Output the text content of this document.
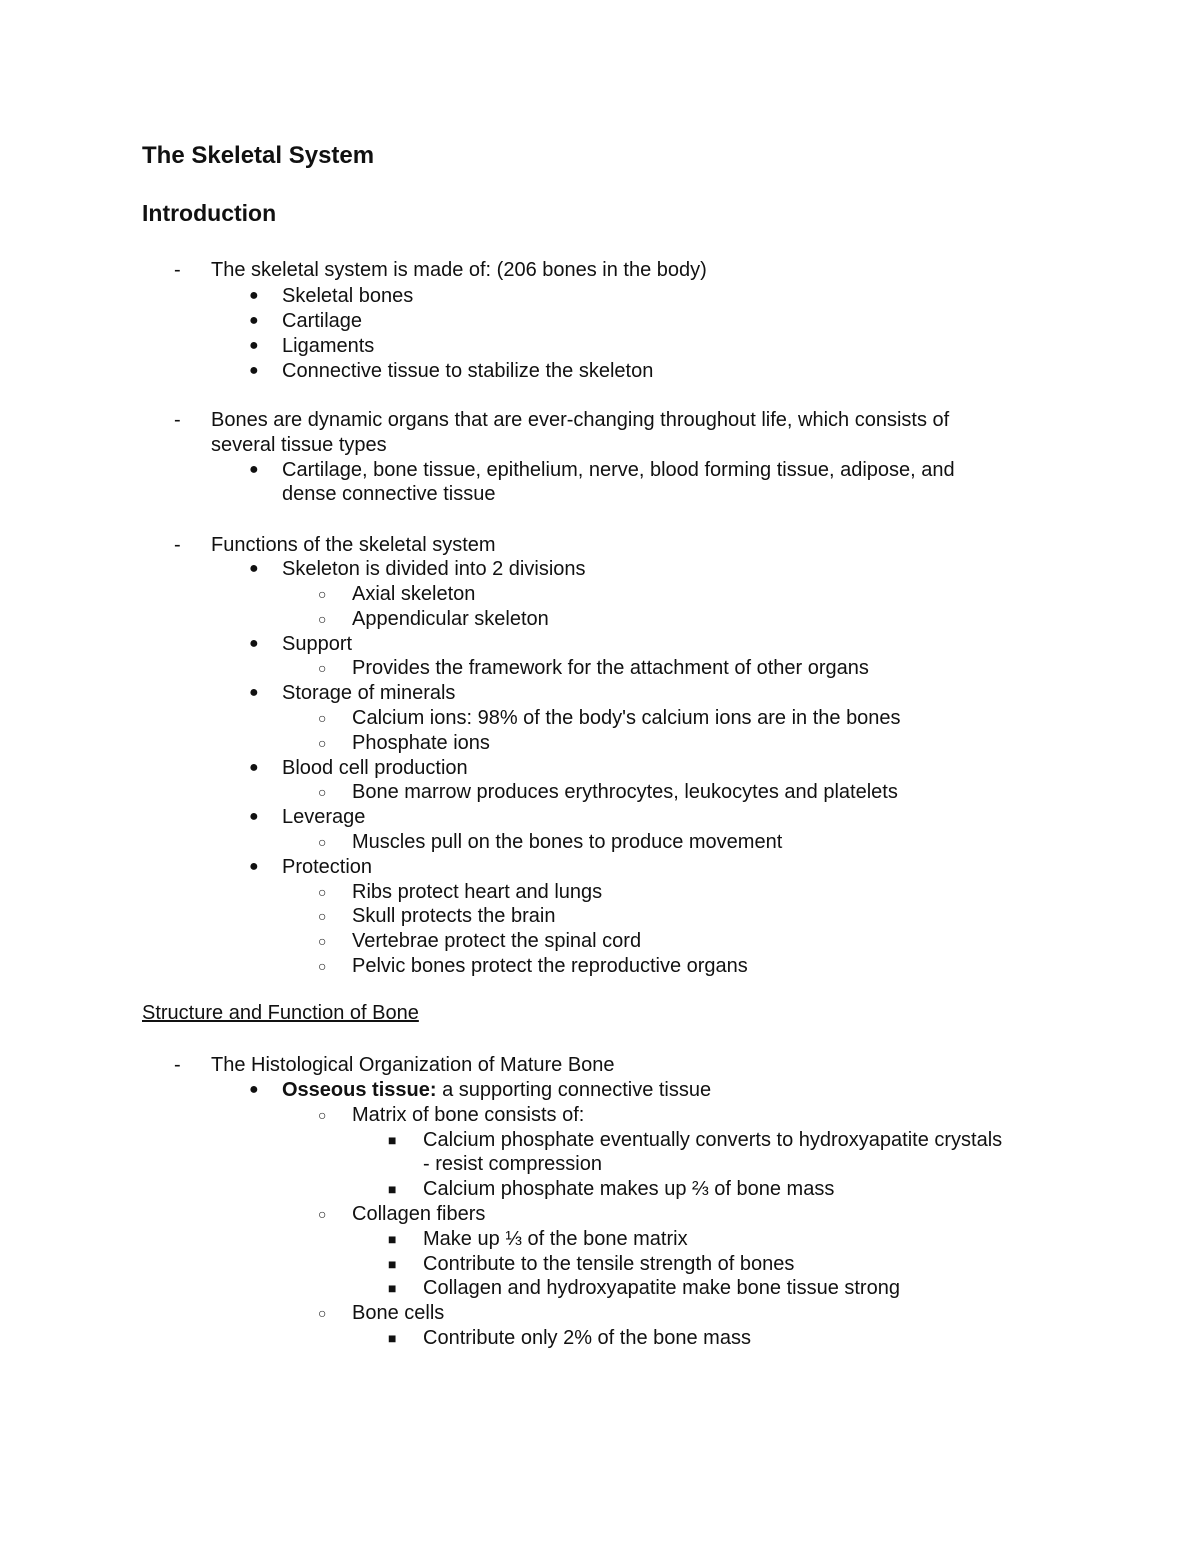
The Skeletal System
Introduction
- The skeletal system is made of: (206 bones in the body)
● Skeletal bones
● Cartilage
● Ligaments
● Connective tissue to stabilize the skeleton
- Bones are dynamic organs that are ever-changing throughout life, which consists of
several tissue types
● Cartilage, bone tissue, epithelium, nerve, blood forming tissue, adipose, and
dense connective tissue
- Functions of the skeletal system
● Skeleton is divided into 2 divisions
○ Axial skeleton
○ Appendicular skeleton
● Support
○ Provides the framework for the attachment of other organs
● Storage of minerals
○ Calcium ions: 98% of the body's calcium ions are in the bones
○ Phosphate ions
● Blood cell production
○ Bone marrow produces erythrocytes, leukocytes and platelets
● Leverage
○ Muscles pull on the bones to produce movement
● Protection
○ Ribs protect heart and lungs
○ Skull protects the brain
○ Vertebrae protect the spinal cord
○ Pelvic bones protect the reproductive organs
Structure and Function of Bone
- The Histological Organization of Mature Bone
● Osseous tissue: a supporting connective tissue
○ Matrix of bone consists of:
■ Calcium phosphate eventually converts to hydroxyapatite crystals
- resist compression
■ Calcium phosphate makes up ⅔ of bone mass
○ Collagen fibers
■ Make up ⅓ of the bone matrix
■ Contribute to the tensile strength of bones
■ Collagen and hydroxyapatite make bone tissue strong
○ Bone cells
■ Contribute only 2% of the bone mass
